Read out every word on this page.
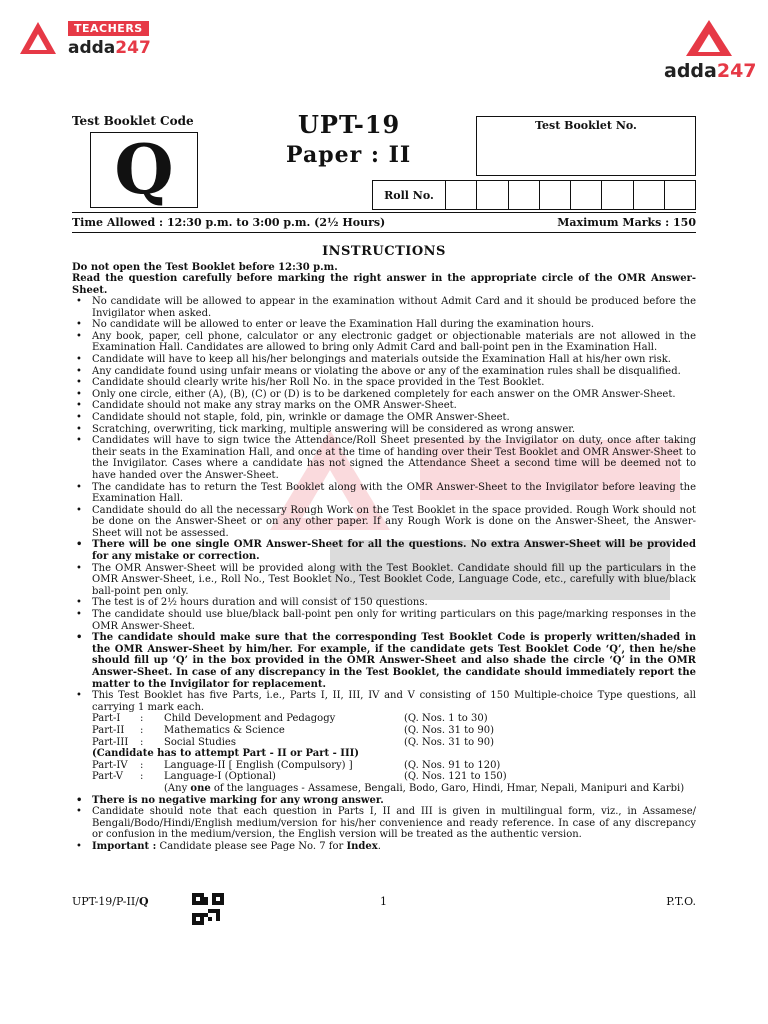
TEACHERS
adda247
adda247
Test Booklet Code
Q
UPT-19
Paper : II
Test Booklet No.
Roll No.
Time Allowed : 12:30 p.m. to 3:00 p.m. (2½ Hours)	Maximum Marks : 150
INSTRUCTIONS
Do not open the Test Booklet before 12:30 p.m.
Read the question carefully before marking the right answer in the appropriate circle of the OMR Answer-Sheet.
• No candidate will be allowed to appear in the examination without Admit Card and it should be produced before the Invigilator when asked.
• No candidate will be allowed to enter or leave the Examination Hall during the examination hours.
• Any book, paper, cell phone, calculator or any electronic gadget or objectionable materials are not allowed in the Examination Hall. Candidates are allowed to bring only Admit Card and ball-point pen in the Examination Hall.
• Candidate will have to keep all his/her belongings and materials outside the Examination Hall at his/her own risk.
• Any candidate found using unfair means or violating the above or any of the examination rules shall be disqualified.
• Candidate should clearly write his/her Roll No. in the space provided in the Test Booklet.
• Only one circle, either (A), (B), (C) or (D) is to be darkened completely for each answer on the OMR Answer-Sheet.
• Candidate should not make any stray marks on the OMR Answer-Sheet.
• Candidate should not staple, fold, pin, wrinkle or damage the OMR Answer-Sheet.
• Scratching, overwriting, tick marking, multiple answering will be considered as wrong answer.
• Candidates will have to sign twice the Attendance/Roll Sheet presented by the Invigilator on duty, once after taking their seats in the Examination Hall, and once at the time of handing over their Test Booklet and OMR Answer-Sheet to the Invigilator. Cases where a candidate has not signed the Attendance Sheet a second time will be deemed not to have handed over the Answer-Sheet.
• The candidate has to return the Test Booklet along with the OMR Answer-Sheet to the Invigilator before leaving the Examination Hall.
• Candidate should do all the necessary Rough Work on the Test Booklet in the space provided. Rough Work should not be done on the Answer-Sheet or on any other paper. If any Rough Work is done on the Answer-Sheet, the Answer-Sheet will not be assessed.
• There will be one single OMR Answer-Sheet for all the questions. No extra Answer-Sheet will be provided for any mistake or correction.
• The OMR Answer-Sheet will be provided along with the Test Booklet. Candidate should fill up the particulars in the OMR Answer-Sheet, i.e., Roll No., Test Booklet No., Test Booklet Code, Language Code, etc., carefully with blue/black ball-point pen only.
• The test is of 2½ hours duration and will consist of 150 questions.
• The candidate should use blue/black ball-point pen only for writing particulars on this page/marking responses in the OMR Answer-Sheet.
• The candidate should make sure that the corresponding Test Booklet Code is properly written/shaded in the OMR Answer-Sheet by him/her. For example, if the candidate gets Test Booklet Code ‘Q’, then he/she should fill up ‘Q’ in the box provided in the OMR Answer-Sheet and also shade the circle ‘Q’ in the OMR Answer-Sheet. In case of any discrepancy in the Test Booklet, the candidate should immediately report the matter to the Invigilator for replacement.
• This Test Booklet has five Parts, i.e., Parts I, II, III, IV and V consisting of 150 Multiple-choice Type questions, all carrying 1 mark each.
Part-I	:	Child Development and Pedagogy	(Q. Nos. 1 to 30)
Part-II	:	Mathematics & Science	(Q. Nos. 31 to 90)
Part-III	:	Social Studies	(Q. Nos. 31 to 90)
(Candidate has to attempt Part - II or Part - III)
Part-IV	:	Language-II [ English (Compulsory) ]	(Q. Nos. 91 to 120)
Part-V	:	Language-I (Optional)	(Q. Nos. 121 to 150)
(Any one of the languages - Assamese, Bengali, Bodo, Garo, Hindi, Hmar, Nepali, Manipuri and Karbi)
• There is no negative marking for any wrong answer.
• Candidate should note that each question in Parts I, II and III is given in multilingual form, viz., in Assamese/ Bengali/Bodo/Hindi/English medium/version for his/her convenience and ready reference. In case of any discrepancy or confusion in the medium/version, the English version will be treated as the authentic version.
• Important : Candidate please see Page No. 7 for Index.
UPT-19/P-II/Q	1	P.T.O.
